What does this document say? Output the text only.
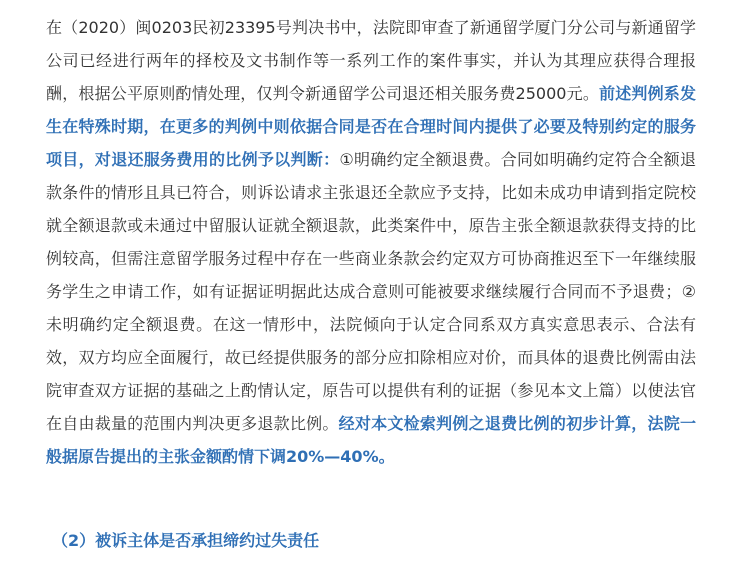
在（2020）闽0203民初23395号判决书中，法院即审查了新通留学厦门分公司与新通留学公司已经进行两年的择校及文书制作等一系列工作的案件事实，并认为其理应获得合理报酬，根据公平原则酌情处理，仅判令新通留学公司退还相关服务费25000元。前述判例系发生在特殊时期，在更多的判例中则依据合同是否在合理时间内提供了必要及特别约定的服务项目，对退还服务费用的比例予以判断：①明确约定全额退费。合同如明确约定符合全额退款条件的情形且具已符合，则诉讼请求主张退还全款应予支持，比如未成功申请到指定院校就全额退款或未通过中留服认证就全额退款，此类案件中，原告主张全额退款获得支持的比例较高，但需注意留学服务过程中存在一些商业条款会约定双方可协商推迟至下一年继续服务学生之申请工作，如有证据证明据此达成合意则可能被要求继续履行合同而不予退费；②未明确约定全额退费。在这一情形中，法院倾向于认定合同系双方真实意思表示、合法有效，双方均应全面履行，故已经提供服务的部分应扣除相应对价，而具体的退费比例需由法院审查双方证据的基础之上酌情认定，原告可以提供有利的证据（参见本文上篇）以使法官在自由裁量的范围内判决更多退款比例。经对本文检索判例之退费比例的初步计算，法院一般据原告提出的主张金额酌情下调20%—40%。

（2）被诉主体是否承担缔约过失责任
